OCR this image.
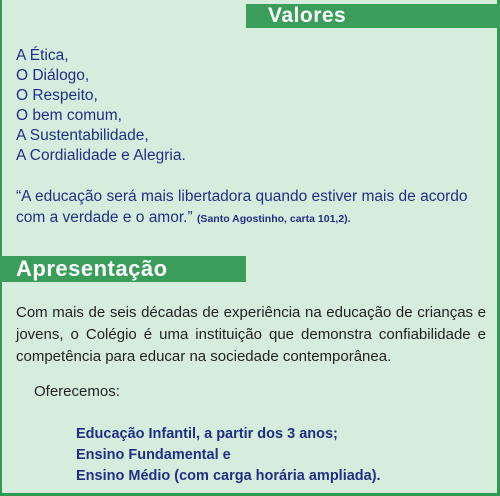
Valores
A Ética,
O Diálogo,
O Respeito,
O bem comum,
A Sustentabilidade,
A Cordialidade e Alegria.
“A educação será mais libertadora quando estiver mais de acordo com a verdade e o amor.” (Santo Agostinho, carta 101,2).
Apresentação
Com mais de seis décadas de experiência na educação de crianças e jovens, o Colégio é uma instituição que demonstra confiabilidade e competência para educar na sociedade contemporânea.
Oferecemos:
Educação Infantil, a partir dos 3 anos;
Ensino Fundamental e
Ensino Médio (com carga horária ampliada).
